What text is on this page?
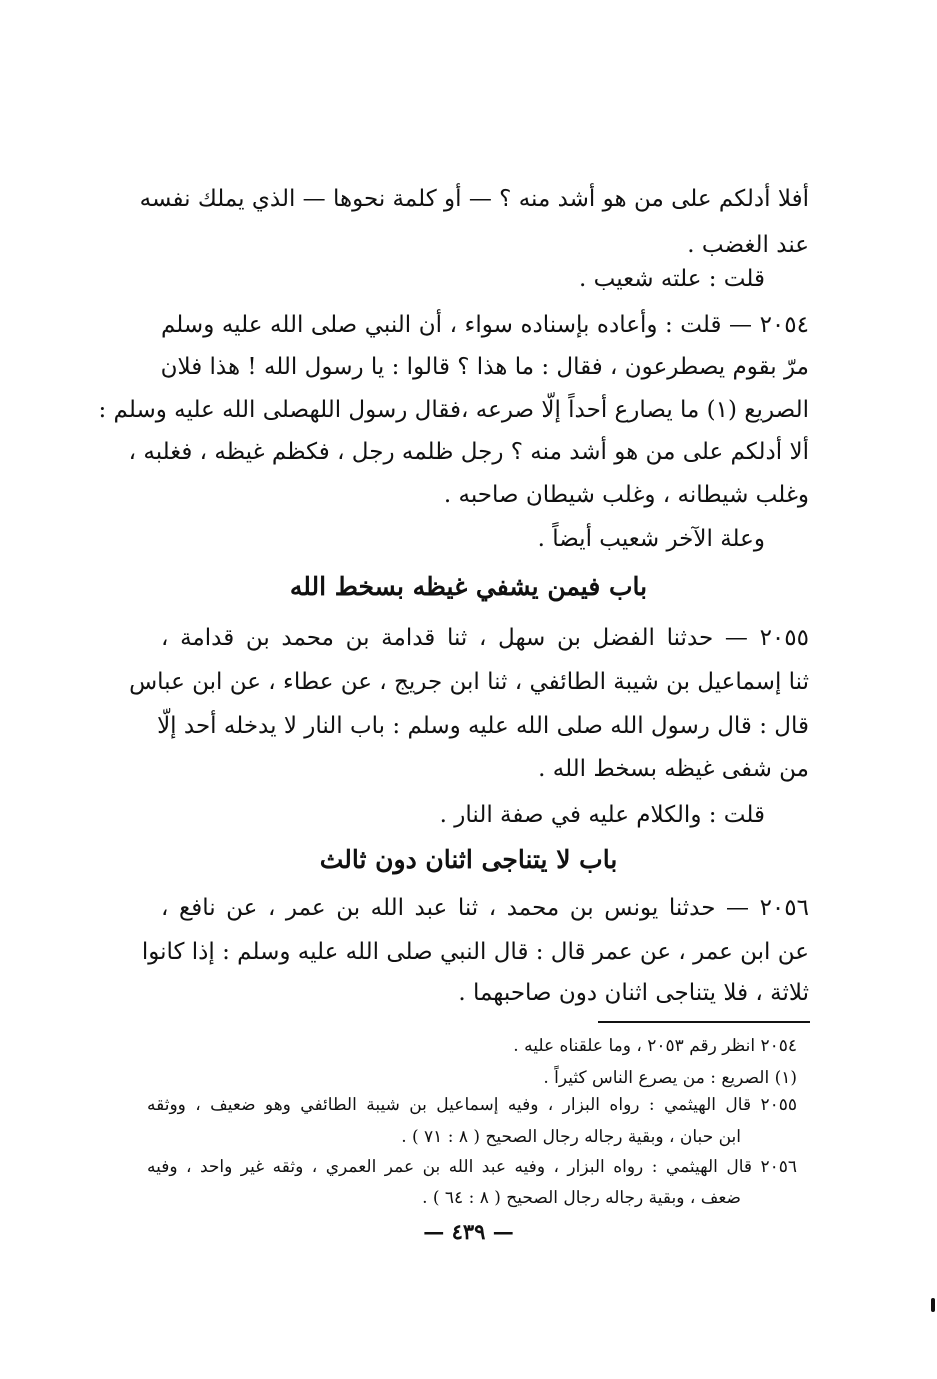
أفلا أدلكم على من هو أشد منه ؟ — أو كلمة نحوها — الذي يملك نفسه
عند الغضب .
قلت : علته شعيب .
٢٠٥٤ — قلت : وأعاده بإسناده سواء ، أن النبي صلى الله عليه وسلم
مرّ بقوم يصطرعون ، فقال : ما هذا ؟ قالوا : يا رسول الله ! هذا فلان
الصريع (١) ما يصارع أحداً إلّا صرعه ،فقال رسول اللهصلى الله عليه وسلم :
ألا أدلكم على من هو أشد منه ؟ رجل ظلمه رجل ، فكظم غيظه ، فغلبه ،
وغلب شيطانه ، وغلب شيطان صاحبه .
وعلة الآخر شعيب أيضاً .
باب فيمن يشفي غيظه بسخط الله
٢٠٥٥ — حدثنا الفضل بن سهل ، ثنا قدامة بن محمد بن قدامة ،
ثنا إسماعيل بن شيبة الطائفي ، ثنا ابن جريج ، عن عطاء ، عن ابن عباس
قال : قال رسول الله صلى الله عليه وسلم : باب النار لا يدخله أحد إلّا
من شفى غيظه بسخط الله .
قلت : والكلام عليه في صفة النار .
باب لا يتناجى اثنان دون ثالث
٢٠٥٦ — حدثنا يونس بن محمد ، ثنا عبد الله بن عمر ، عن نافع ،
عن ابن عمر ، عن عمر قال : قال النبي صلى الله عليه وسلم : إذا كانوا
ثلاثة ، فلا يتناجى اثنان دون صاحبهما .
٢٠٥٤ انظر رقم ٢٠٥٣ ، وما علقناه عليه .
(١) الصريع : من يصرع الناس كثيراً .
٢٠٥٥ قال الهيثمي : رواه البزار ، وفيه إسماعيل بن شيبة الطائفي وهو ضعيف ، ووثقه
ابن حبان ، وبقية رجاله رجال الصحيح ( ٨ : ٧١ ) .
٢٠٥٦ قال الهيثمي : رواه البزار ، وفيه عبد الله بن عمر العمري ، وثقه غير واحد ، وفيه
ضعف ، وبقية رجاله رجال الصحيح ( ٨ : ٦٤ ) .
— ٤٣٩ —
